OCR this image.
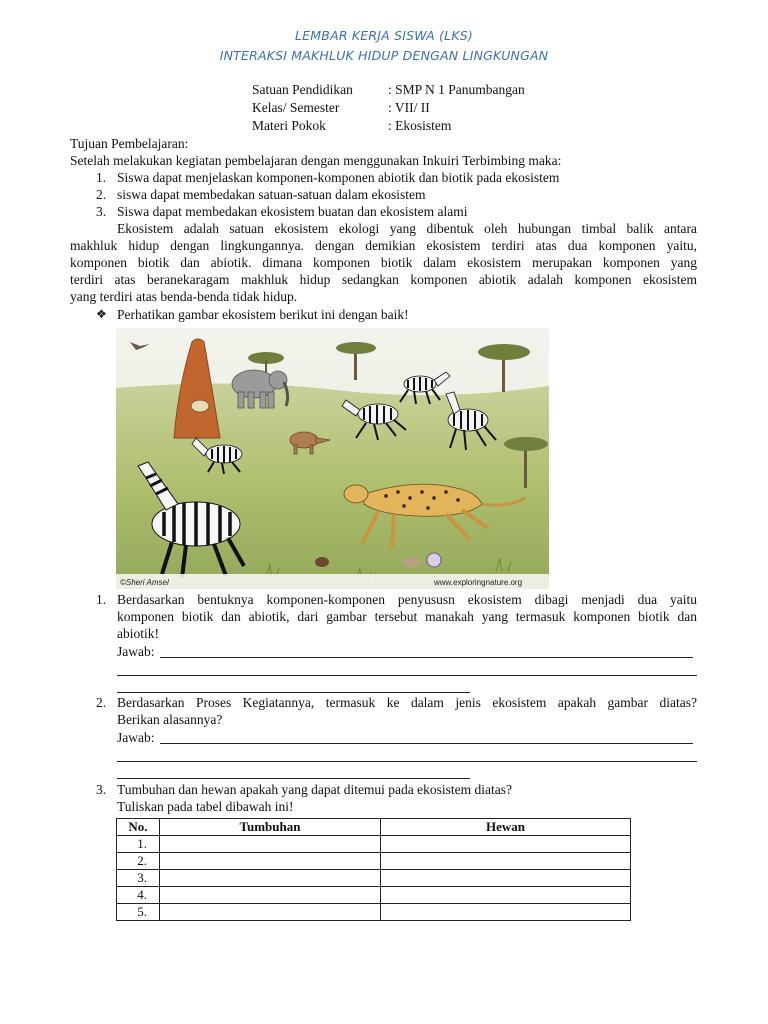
LEMBAR KERJA SISWA (LKS)
INTERAKSI MAKHLUK HIDUP DENGAN LINGKUNGAN
Satuan Pendidikan	: SMP N 1 Panumbangan
Kelas/ Semester	: VII/ II
Materi Pokok	: Ekosistem
Tujuan Pembelajaran:
Setelah melakukan kegiatan pembelajaran dengan menggunakan Inkuiri Terbimbing maka:
1. Siswa dapat menjelaskan komponen-komponen abiotik dan biotik pada ekosistem
2. siswa dapat membedakan satuan-satuan dalam ekosistem
3. Siswa dapat membedakan ekosistem buatan dan ekosistem alami
Ekosistem adalah satuan ekosistem ekologi yang dibentuk oleh hubungan timbal balik antara
makhluk hidup dengan lingkungannya. dengan demikian ekosistem terdiri atas dua komponen yaitu,
komponen biotik dan abiotik. dimana komponen biotik dalam ekosistem merupakan komponen yang
terdiri atas beranekaragam makhluk hidup sedangkan komponen abiotik adalah komponen ekosistem
yang terdiri atas benda-benda tidak hidup.
❖ Perhatikan gambar ekosistem berikut ini dengan baik!
©Sheri Amsel	www.exploringnature.org
1. Berdasarkan bentuknya komponen-komponen penyususn ekosistem dibagi menjadi dua yaitu
komponen biotik dan abiotik, dari gambar tersebut manakah yang termasuk komponen biotik dan
abiotik!
Jawab:
2. Berdasarkan Proses Kegiatannya, termasuk ke dalam jenis ekosistem apakah gambar diatas?
Berikan alasannya?
Jawab:
3. Tumbuhan dan hewan apakah yang dapat ditemui pada ekosistem diatas?
Tuliskan pada tabel dibawah ini!
No.	Tumbuhan	Hewan
1.		
2.		
3.		
4.		
5.		
